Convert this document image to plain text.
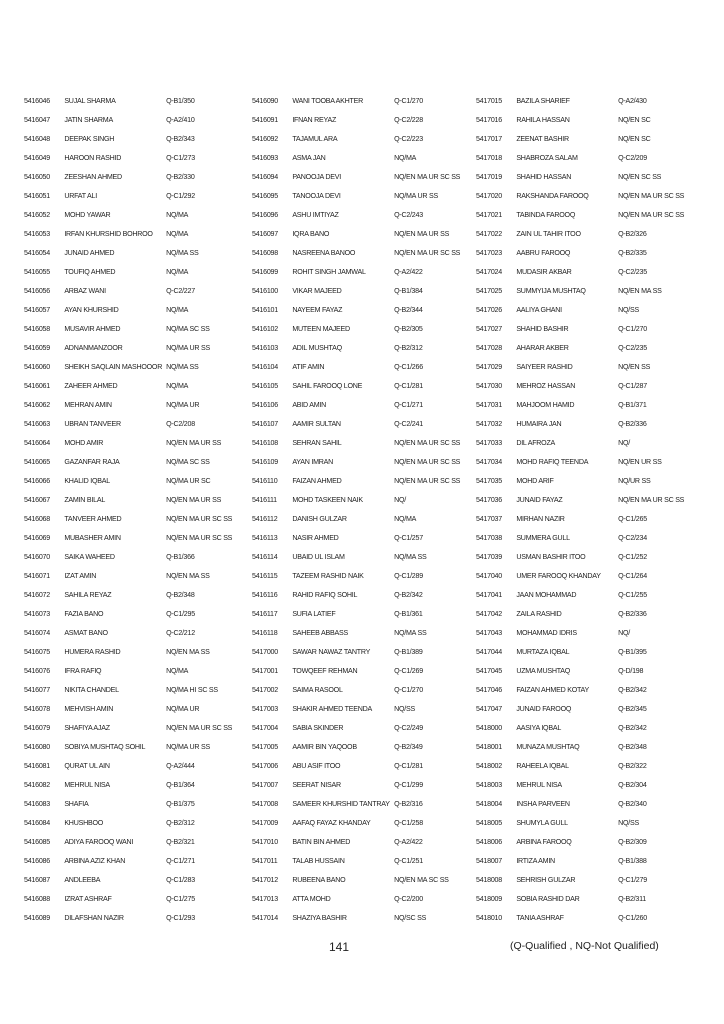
5416046	SUJAL SHARMA	Q-B1/350
5416047	JATIN SHARMA	Q-A2/410
5416048	DEEPAK SINGH	Q-B2/343
5416049	HAROON RASHID	Q-C1/273
5416050	ZEESHAN AHMED	Q-B2/330
5416051	URFAT ALI	Q-C1/292
5416052	MOHD YAWAR	NQ/MA
5416053	IRFAN KHURSHID BOHROO	NQ/MA
5416054	JUNAID AHMED	NQ/MA SS
5416055	TOUFIQ AHMED	NQ/MA
5416056	ARBAZ WANI	Q-C2/227
5416057	AYAN KHURSHID	NQ/MA
5416058	MUSAVIR AHMED	NQ/MA SC SS
5416059	ADNANMANZOOR	NQ/MA UR SS
5416060	SHEIKH SAQLAIN MASHOOOR NQ/MA SS
5416061	ZAHEER AHMED	NQ/MA
5416062	MEHRAN AMIN	NQ/MA UR
5416063	UBRAN TANVEER	Q-C2/208
5416064	MOHD AMIR	NQ/EN MA UR SS
5416065	GAZANFAR RAJA	NQ/MA SC SS
5416066	KHALID IQBAL	NQ/MA UR SC
5416067	ZAMIN BILAL	NQ/EN MA UR SS
5416068	TANVEER AHMED	NQ/EN MA UR SC SS
5416069	MUBASHER AMIN	NQ/EN MA UR SC SS
5416070	SAIKA WAHEED	Q-B1/366
5416071	IZAT AMIN	NQ/EN MA SS
5416072	SAHILA REYAZ	Q-B2/348
5416073	FAZIA BANO	Q-C1/295
5416074	ASMAT BANO	Q-C2/212
5416075	HUMERA RASHID	NQ/EN MA SS
5416076	IFRA RAFIQ	NQ/MA
5416077	NIKITA CHANDEL	NQ/MA HI SC SS
5416078	MEHVISH AMIN	NQ/MA UR
5416079	SHAFIYA AJAZ	NQ/EN MA UR SC SS
5416080	SOBIYA MUSHTAQ SOHIL	NQ/MA UR SS
5416081	QURAT UL AIN	Q-A2/444
5416082	MEHRUL NISA	Q-B1/364
5416083	SHAFIA	Q-B1/375
5416084	KHUSHBOO	Q-B2/312
5416085	ADIYA FAROOQ WANI	Q-B2/321
5416086	ARBINA AZIZ KHAN	Q-C1/271
5416087	ANDLEEBA	Q-C1/283
5416088	IZRAT ASHRAF	Q-C1/275
5416089	DILAFSHAN NAZIR	Q-C1/293
5416090	WANI TOOBA AKHTER	Q-C1/270
5416091	IFNAN REYAZ	Q-C2/228
5416092	TAJAMUL ARA	Q-C2/223
5416093	ASMA JAN	NQ/MA
5416094	PANOOJA DEVI	NQ/EN MA UR SC SS
5416095	TANOOJA DEVI	NQ/MA UR SS
5416096	ASHU IMTIYAZ	Q-C2/243
5416097	IQRA BANO	NQ/EN MA UR SS
5416098	NASREENA BANOO	NQ/EN MA UR SC SS
5416099	ROHIT SINGH JAMWAL	Q-A2/422
5416100	VIKAR MAJEED	Q-B1/384
5416101	NAYEEM FAYAZ	Q-B2/344
5416102	MUTEEN MAJEED	Q-B2/305
5416103	ADIL MUSHTAQ	Q-B2/312
5416104	ATIF AMIN	Q-C1/266
5416105	SAHIL FAROOQ LONE	Q-C1/281
5416106	ABID AMIN	Q-C1/271
5416107	AAMIR SULTAN	Q-C2/241
5416108	SEHRAN SAHIL	NQ/EN MA UR SC SS
5416109	AYAN IMRAN	NQ/EN MA UR SC SS
5416110	FAIZAN AHMED	NQ/EN MA UR SC SS
5416111	MOHD TASKEEN NAIK	NQ/
5416112	DANISH GULZAR	NQ/MA
5416113	NASIR AHMED	Q-C1/257
5416114	UBAID UL ISLAM	NQ/MA SS
5416115	TAZEEM RASHID NAIK	Q-C1/289
5416116	RAHID RAFIQ SOHIL	Q-B2/342
5416117	SUFIA LATIEF	Q-B1/361
5416118	SAHEEB ABBASS	NQ/MA SS
5417000	SAWAR NAWAZ TANTRY	Q-B1/389
5417001	TOWQEEF REHMAN	Q-C1/269
5417002	SAIMA RASOOL	Q-C1/270
5417003	SHAKIR AHMED TEENDA	NQ/SS
5417004	SABIA SKINDER	Q-C2/249
5417005	AAMIR BIN YAQOOB	Q-B2/349
5417006	ABU ASIF ITOO	Q-C1/281
5417007	SEERAT NISAR	Q-C1/299
5417008	SAMEER KHURSHID TANTRAY Q-B2/316
5417009	AAFAQ FAYAZ KHANDAY	Q-C1/258
5417010	BATIN BIN AHMED	Q-A2/422
5417011	TALAB HUSSAIN	Q-C1/251
5417012	RUBEENA BANO	NQ/EN MA SC SS
5417013	ATTA MOHD	Q-C2/200
5417014	SHAZIYA BASHIR	NQ/SC SS
5417015	BAZILA SHARIEF	Q-A2/430
5417016	RAHILA HASSAN	NQ/EN SC
5417017	ZEENAT BASHIR	NQ/EN SC
5417018	SHABROZA SALAM	Q-C2/209
5417019	SHAHID HASSAN	NQ/EN SC SS
5417020	RAKSHANDA FAROOQ	NQ/EN MA UR SC SS
5417021	TABINDA FAROOQ	NQ/EN MA UR SC SS
5417022	ZAIN UL TAHIR ITOO	Q-B2/326
5417023	AABRU FAROOQ	Q-B2/335
5417024	MUDASIR AKBAR	Q-C2/235
5417025	SUMMYIJA MUSHTAQ	NQ/EN MA SS
5417026	AALIYA GHANI	NQ/SS
5417027	SHAHID BASHIR	Q-C1/270
5417028	AHARAR AKBER	Q-C2/235
5417029	SAIYEER RASHID	NQ/EN SS
5417030	MEHROZ HASSAN	Q-C1/287
5417031	MAHJOOM HAMID	Q-B1/371
5417032	HUMAIRA JAN	Q-B2/336
5417033	DIL AFROZA	NQ/
5417034	MOHD RAFIQ TEENDA	NQ/EN UR SS
5417035	MOHD ARIF	NQ/UR SS
5417036	JUNAID FAYAZ	NQ/EN MA UR SC SS
5417037	MIRHAN NAZIR	Q-C1/265
5417038	SUMMERA GULL	Q-C2/234
5417039	USMAN BASHIR ITOO	Q-C1/252
5417040	UMER FAROOQ KHANDAY	Q-C1/264
5417041	JAAN MOHAMMAD	Q-C1/255
5417042	ZAILA RASHID	Q-B2/336
5417043	MOHAMMAD IDRIS	NQ/
5417044	MURTAZA IQBAL	Q-B1/395
5417045	UZMA MUSHTAQ	Q-D/198
5417046	FAIZAN AHMED KOTAY	Q-B2/342
5417047	JUNAID FAROOQ	Q-B2/345
5418000	AASIYA IQBAL	Q-B2/342
5418001	MUNAZA MUSHTAQ	Q-B2/348
5418002	RAHEELA IQBAL	Q-B2/322
5418003	MEHRUL NISA	Q-B2/304
5418004	INSHA PARVEEN	Q-B2/340
5418005	SHUMYLA GULL	NQ/SS
5418006	ARBINA FAROOQ	Q-B2/309
5418007	IRTIZA AMIN	Q-B1/388
5418008	SEHRISH GULZAR	Q-C1/279
5418009	SOBIA RASHID DAR	Q-B2/311
5418010	TANIA ASHRAF	Q-C1/260
141	(Q-Qualified , NQ-Not Qualified)
